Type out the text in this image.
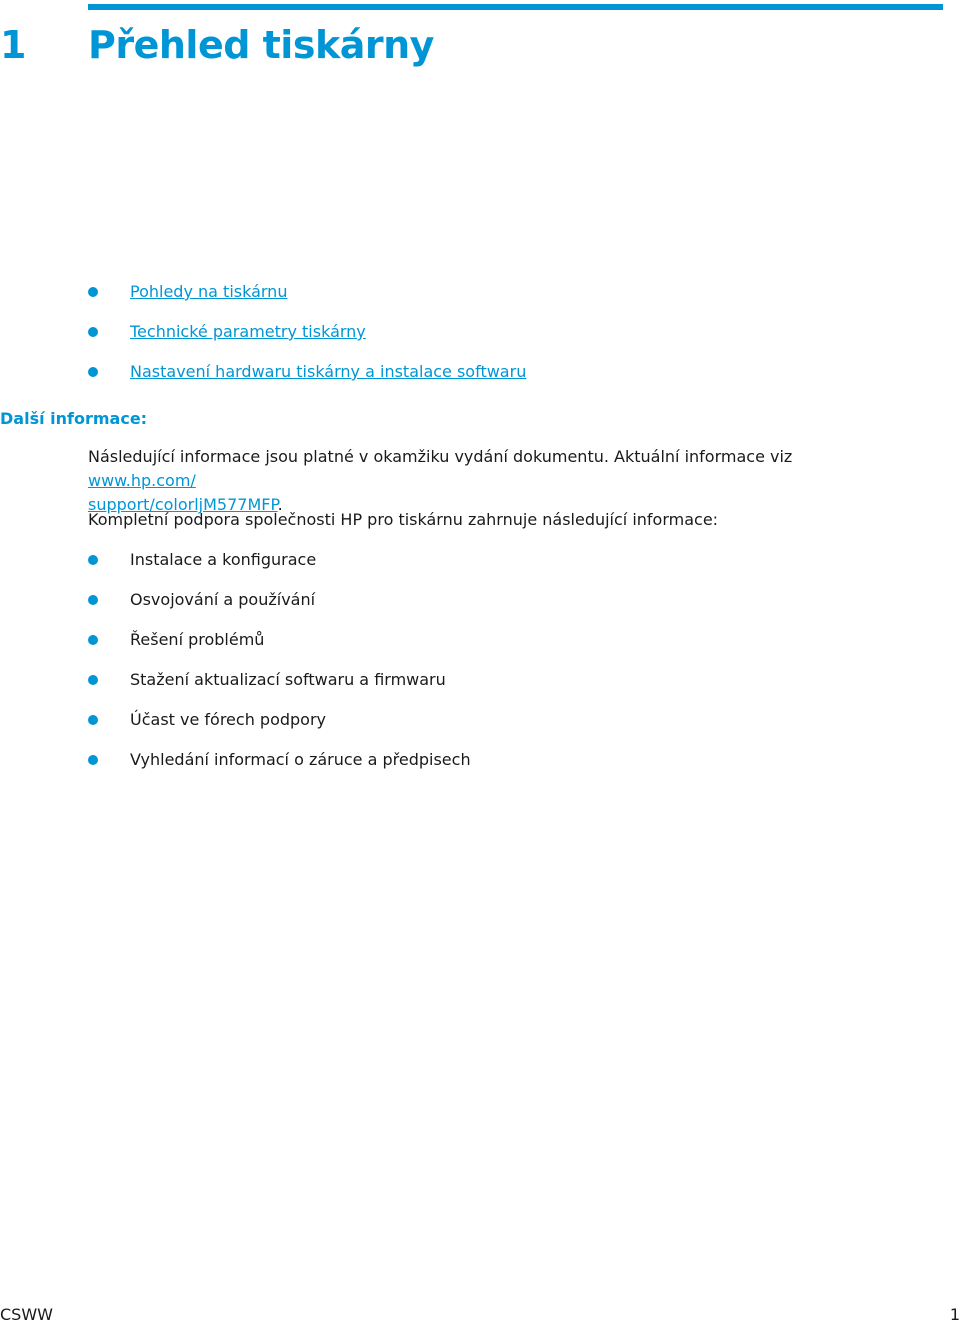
1 Přehled tiskárny
Pohledy na tiskárnu
Technické parametry tiskárny
Nastavení hardwaru tiskárny a instalace softwaru
Další informace:

Následující informace jsou platné v okamžiku vydání dokumentu. Aktuální informace viz www.hp.com/
support/colorljM577MFP.

Kompletní podpora společnosti HP pro tiskárnu zahrnuje následující informace:

Instalace a konfigurace
Osvojování a používání
Řešení problémů
Stažení aktualizací softwaru a firmwaru
Účast ve fórech podpory
Vyhledání informací o záruce a předpisech
CSWW	1
